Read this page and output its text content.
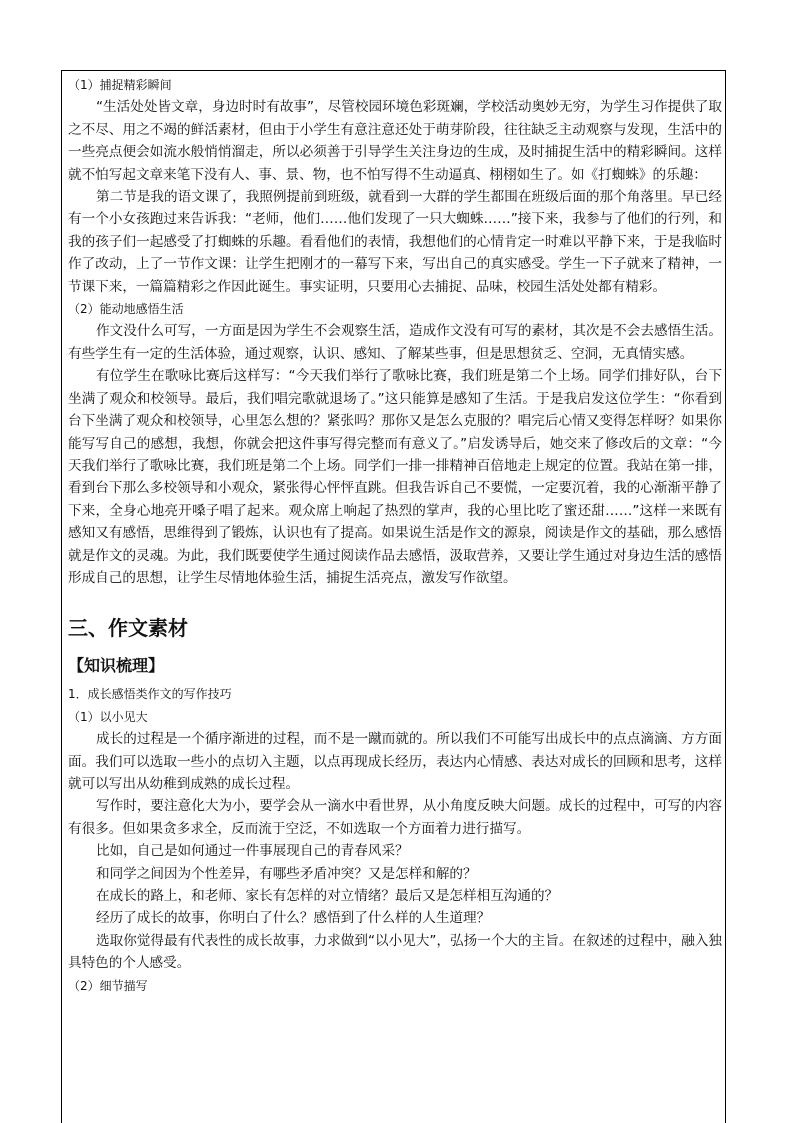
（1）捕捉精彩瞬间

“生活处处皆文章，身边时时有故事”，尽管校园环境色彩斑斓，学校活动奥妙无穷，为学生习作提供了取之不尽、用之不竭的鲜活素材，但由于小学生有意注意还处于萌芽阶段，往往缺乏主动观察与发现，生活中的一些亮点便会如流水般悄悄溜走，所以必须善于引导学生关注身边的生成，及时捕捉生活中的精彩瞬间。这样就不怕写起文章来笔下没有人、事、景、物，也不怕写得不生动逼真、栩栩如生了。如《打蜘蛛》的乐趣：

第二节是我的语文课了，我照例提前到班级，就看到一大群的学生都围在班级后面的那个角落里。早已经有一个小女孩跑过来告诉我：“老师，他们……他们发现了一只大蜘蛛……”接下来，我参与了他们的行列，和我的孩子们一起感受了打蜘蛛的乐趣。看看他们的表情，我想他们的心情肯定一时难以平静下来，于是我临时作了改动，上了一节作文课：让学生把刚才的一幕写下来，写出自己的真实感受。学生一下子就来了精神，一节课下来，一篇篇精彩之作因此诞生。事实证明，只要用心去捕捉、品味，校园生活处处都有精彩。

（2）能动地感悟生活

作文没什么可写，一方面是因为学生不会观察生活，造成作文没有可写的素材，其次是不会去感悟生活。有些学生有一定的生活体验，通过观察，认识、感知、了解某些事，但是思想贫乏、空洞，无真情实感。

有位学生在歌咏比赛后这样写：“今天我们举行了歌咏比赛，我们班是第二个上场。同学们排好队，台下坐满了观众和校领导。最后，我们唱完歌就退场了。”这只能算是感知了生活。于是我启发这位学生：“你看到台下坐满了观众和校领导，心里怎么想的？紧张吗？那你又是怎么克服的？唱完后心情又变得怎样呀？如果你能写写自己的感想，我想，你就会把这件事写得完整而有意义了。”启发诱导后，她交来了修改后的文章：“今天我们举行了歌咏比赛，我们班是第二个上场。同学们一排一排精神百倍地走上规定的位置。我站在第一排，看到台下那么多校领导和小观众，紧张得心怦怦直跳。但我告诉自己不要慌，一定要沉着，我的心渐渐平静了下来，全身心地亮开嗓子唱了起来。观众席上响起了热烈的掌声，我的心里比吃了蜜还甜……”这样一来既有感知又有感悟，思维得到了锻炼，认识也有了提高。如果说生活是作文的源泉，阅读是作文的基础，那么感悟就是作文的灵魂。为此，我们既要使学生通过阅读作品去感悟，汲取营养，又要让学生通过对身边生活的感悟形成自己的思想，让学生尽情地体验生活，捕捉生活亮点，激发写作欲望。

三、作文素材
【知识梳理】

1．成长感悟类作文的写作技巧

（1）以小见大

成长的过程是一个循序渐进的过程，而不是一蹴而就的。所以我们不可能写出成长中的点点滴滴、方方面面。我们可以选取一些小的点切入主题，以点再现成长经历，表达内心情感、表达对成长的回顾和思考，这样就可以写出从幼稚到成熟的成长过程。

写作时，要注意化大为小，要学会从一滴水中看世界，从小角度反映大问题。成长的过程中，可写的内容有很多。但如果贪多求全，反而流于空泛，不如选取一个方面着力进行描写。

比如，自己是如何通过一件事展现自己的青春风采？

和同学之间因为个性差异，有哪些矛盾冲突？又是怎样和解的？

在成长的路上，和老师、家长有怎样的对立情绪？最后又是怎样相互沟通的？

经历了成长的故事，你明白了什么？感悟到了什么样的人生道理？

选取你觉得最有代表性的成长故事，力求做到“以小见大”，弘扬一个大的主旨。在叙述的过程中，融入独具特色的个人感受。

（2）细节描写
